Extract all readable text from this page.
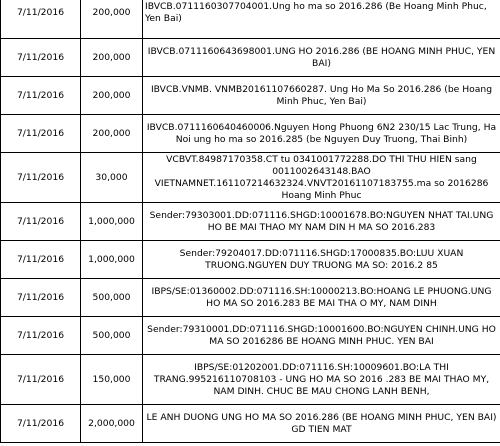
7/11/2016	200,000	IBVCB.0711160307704001.Ung ho ma so 2016.286 (Be Hoang Minh Phuc, Yen Bai)
7/11/2016	200,000	IBVCB.0711160643698001.UNG HO 2016.286 (BE HOANG MINH PHUC, YEN BAI)
7/11/2016	200,000	IBVCB.VNMB. VNMB20161107660287. Ung Ho Ma So 2016.286 (be Hoang Minh Phuc, Yen Bai)
7/11/2016	200,000	IBVCB.0711160640460006.Nguyen Hong Phuong 6N2 230/15 Lac Trung, Ha Noi ung ho ma so 2016.285 (be Nguyen Duy Truong, Thai Binh)
7/11/2016	30,000	VCBVT.84987170358.CT tu 0341001772288.DO THI THU HIEN sang 0011002643148.BAO VIETNAMNET.161107214632324.VNVT20161107183755.ma so 2016286 Hoang Minh Phuc
7/11/2016	1,000,000	Sender:79303001.DD:071116.SHGD:10001678.BO:NGUYEN NHAT TAI.UNG HO BE MAI THAO MY NAM DIN H MA SO 2016.283
7/11/2016	1,000,000	Sender:79204017.DD:071116.SHGD:17000835.BO:LUU XUAN TRUONG.NGUYEN DUY TRUONG MA SO: 2016.2 85
7/11/2016	500,000	IBPS/SE:01360002.DD:071116.SH:10000213.BO:HOANG LE PHUONG.UNG HO MA SO 2016.283 BE MAI THA O MY, NAM DINH
7/11/2016	500,000	Sender:79310001.DD:071116.SHGD:10001600.BO:NGUYEN CHINH.UNG HO MA SO 2016286 BE HOANG MINH PHUC. YEN BAI
7/11/2016	150,000	IBPS/SE:01202001.DD:071116.SH:10009601.BO:LA THI TRANG.995216110708103 - UNG HO MA SO 2016 .283 BE MAI THAO MY, NAM DINH. CHUC BE MAU CHONG LANH BENH,
7/11/2016	2,000,000	LE ANH DUONG UNG HO MA SO 2016.286 (BE HOANG MINH PHUC, YEN BAI) GD TIEN MAT
